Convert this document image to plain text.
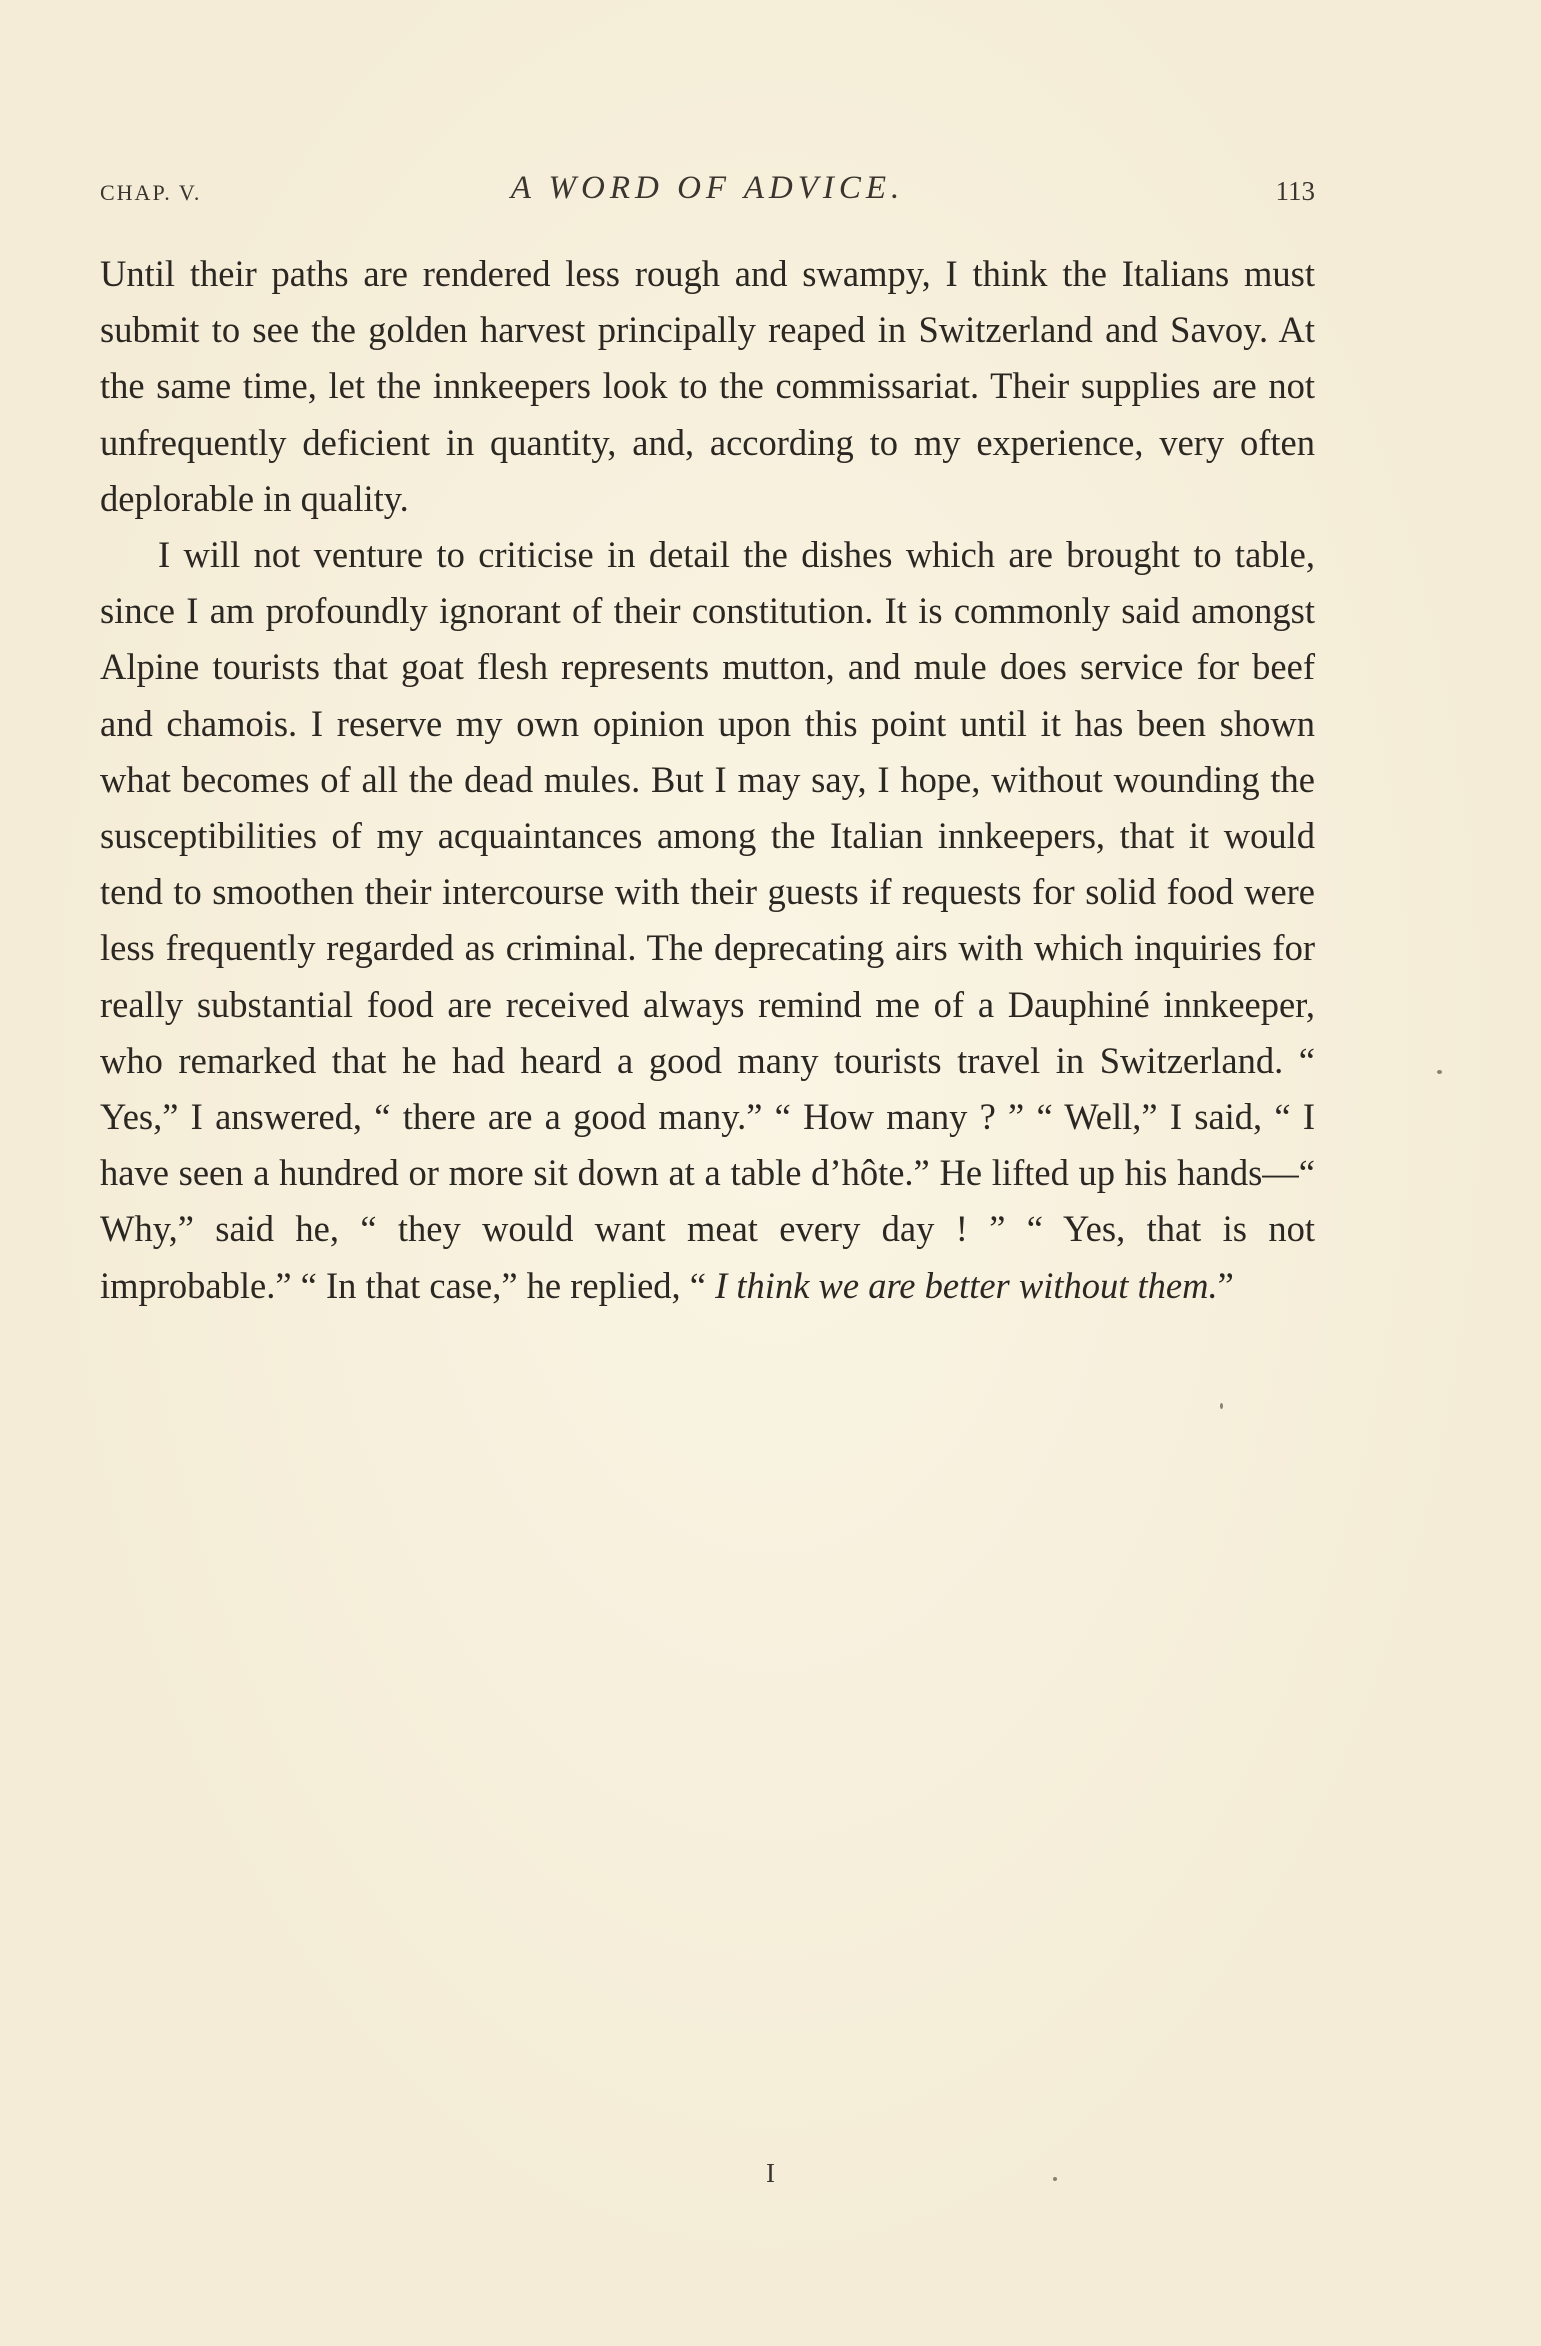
CHAP. V.	A WORD OF ADVICE.	113

Until their paths are rendered less rough and swampy, I think the Italians must submit to see the golden harvest principally reaped in Switzerland and Savoy. At the same time, let the innkeepers look to the commissariat. Their supplies are not unfrequently deficient in quantity, and, according to my experience, very often deplorable in quality.

I will not venture to criticise in detail the dishes which are brought to table, since I am profoundly ignorant of their constitution. It is commonly said amongst Alpine tourists that goat flesh represents mutton, and mule does service for beef and chamois. I reserve my own opinion upon this point until it has been shown what becomes of all the dead mules. But I may say, I hope, without wounding the susceptibilities of my acquaintances among the Italian innkeepers, that it would tend to smoothen their intercourse with their guests if requests for solid food were less frequently regarded as criminal. The deprecating airs with which inquiries for really substantial food are received always remind me of a Dauphiné innkeeper, who remarked that he had heard a good many tourists travel in Switzerland. “ Yes,” I answered, “ there are a good many.” “ How many ? ” “ Well,” I said, “ I have seen a hundred or more sit down at a table d’hôte.” He lifted up his hands—“ Why,” said he, “ they would want meat every day ! ” “ Yes, that is not improbable.” “ In that case,” he replied, “ I think we are better without them.”

I
